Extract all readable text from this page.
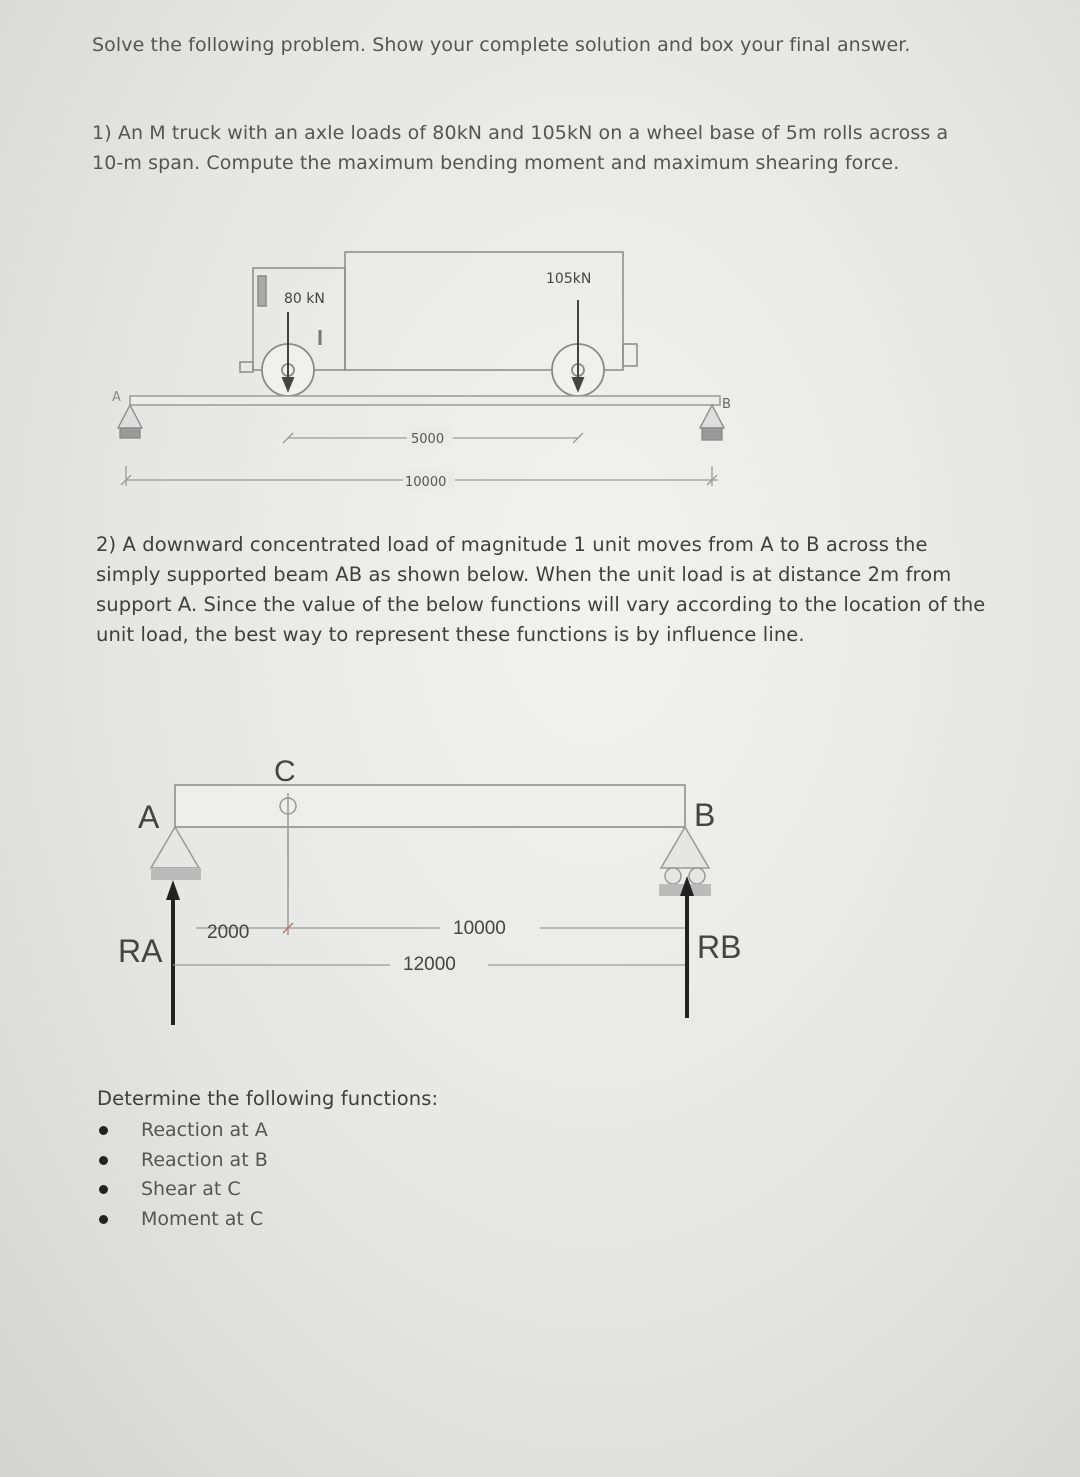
Solve the following problem. Show your complete solution and box your final answer.
1) An M truck with an axle loads of 80kN and 105kN on a wheel base of 5m rolls across a 10-m span. Compute the maximum bending moment and maximum shearing force.
80 kN
105kN
A	B
5000
10000
2) A downward concentrated load of magnitude 1 unit moves from A to B across the simply supported beam AB as shown below. When the unit load is at distance 2m from support A. Since the value of the below functions will vary according to the location of the unit load, the best way to represent these functions is by influence line.
C
A	B
RA	RB
2000	10000
12000
Determine the following functions:
Reaction at A
Reaction at B
Shear at C
Moment at C
